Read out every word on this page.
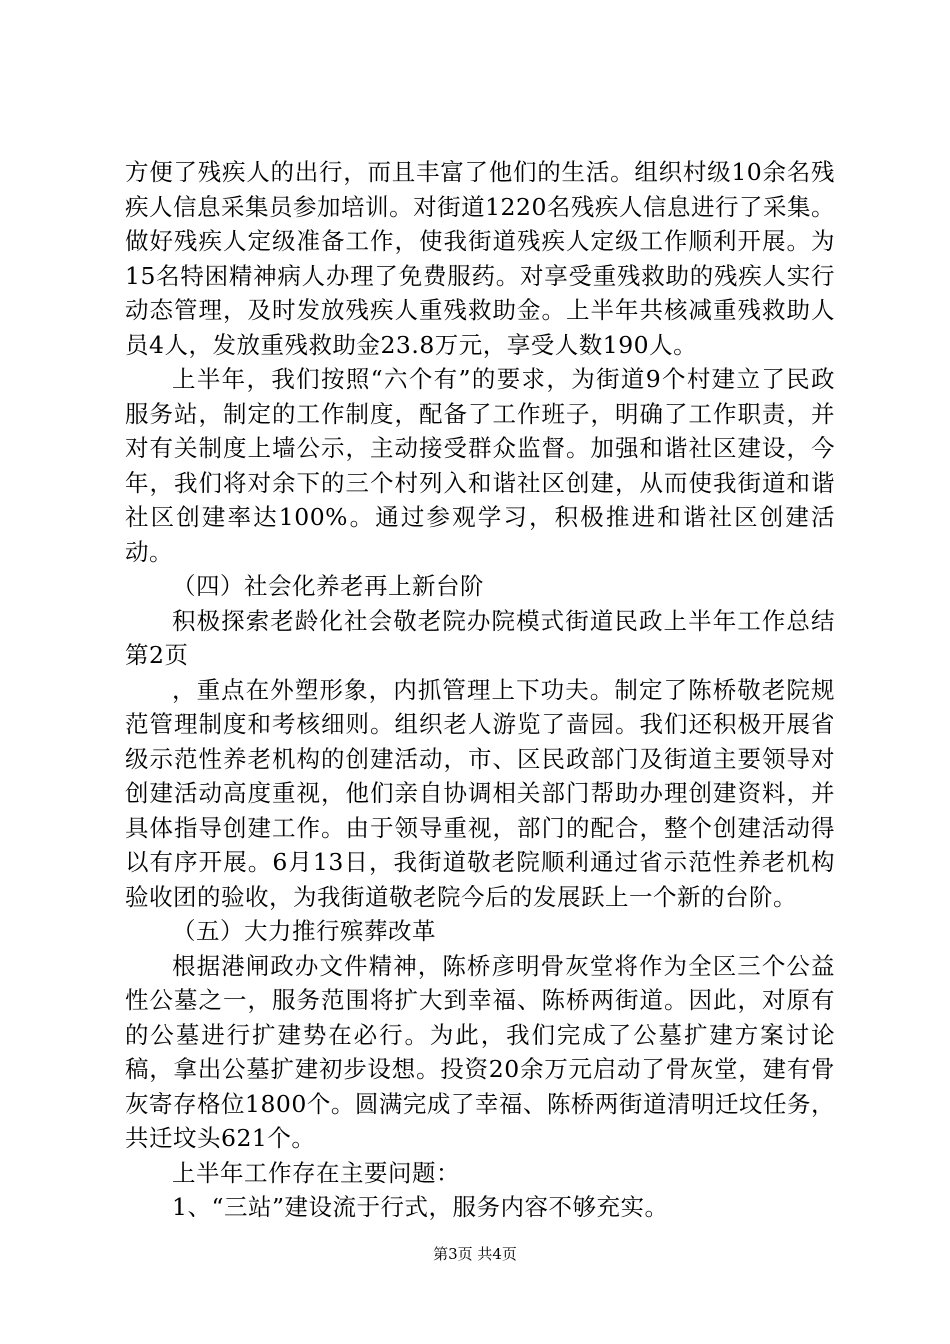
方便了残疾人的出行，而且丰富了他们的生活。组织村级10余名残疾人信息采集员参加培训。对街道1220名残疾人信息进行了采集。做好残疾人定级准备工作，使我街道残疾人定级工作顺利开展。为15名特困精神病人办理了免费服药。对享受重残救助的残疾人实行动态管理，及时发放残疾人重残救助金。上半年共核减重残救助人员4人，发放重残救助金23.8万元，享受人数190人。

上半年，我们按照“六个有”的要求，为街道9个村建立了民政服务站，制定的工作制度，配备了工作班子，明确了工作职责，并对有关制度上墙公示，主动接受群众监督。加强和谐社区建设，今年，我们将对余下的三个村列入和谐社区创建，从而使我街道和谐社区创建率达100%。通过参观学习，积极推进和谐社区创建活动。

（四）社会化养老再上新台阶

积极探索老龄化社会敬老院办院模式街道民政上半年工作总结第2页

，重点在外塑形象，内抓管理上下功夫。制定了陈桥敬老院规范管理制度和考核细则。组织老人游览了啬园。我们还积极开展省级示范性养老机构的创建活动，市、区民政部门及街道主要领导对创建活动高度重视，他们亲自协调相关部门帮助办理创建资料，并具体指导创建工作。由于领导重视，部门的配合，整个创建活动得以有序开展。6月13日，我街道敬老院顺利通过省示范性养老机构验收团的验收，为我街道敬老院今后的发展跃上一个新的台阶。

（五）大力推行殡葬改革

根据港闸政办文件精神，陈桥彦明骨灰堂将作为全区三个公益性公墓之一，服务范围将扩大到幸福、陈桥两街道。因此，对原有的公墓进行扩建势在必行。为此，我们完成了公墓扩建方案讨论稿，拿出公墓扩建初步设想。投资20余万元启动了骨灰堂，建有骨灰寄存格位1800个。圆满完成了幸福、陈桥两街道清明迁坟任务，共迁坟头621个。

上半年工作存在主要问题：

1、“三站”建设流于行式，服务内容不够充实。

第3页 共4页
